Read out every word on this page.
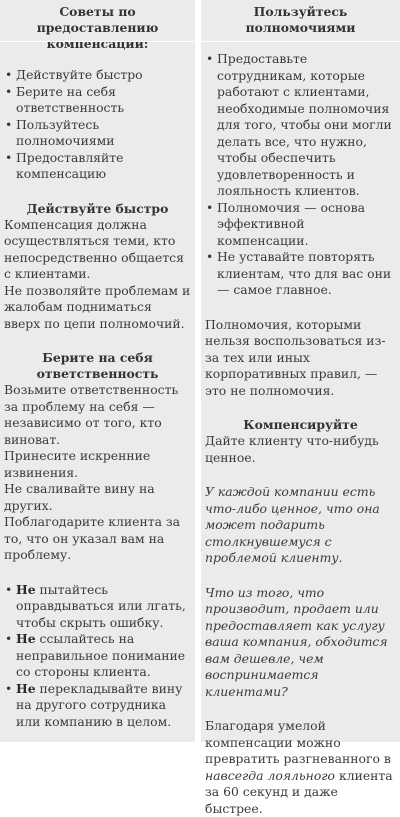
Советы по предоставлению компенсации:
• Действуйте быстро
• Берите на себя ответственность
• Пользуйтесь полномочиями
• Предоставляйте компенсацию
Действуйте быстро

Компенсация должна осуществляться теми, кто непосредственно общается с клиентами.

Не позволяйте проблемам и жалобам подниматься вверх по цепи полномочий.

Берите на себя ответственность

Возьмите ответственность за проблему на себя — независимо от того, кто виноват.

Принесите искренние извинения.

Не сваливайте вину на других.

Поблагодарите клиента за то, что он указал вам на проблему.

• Не пытайтесь оправдываться или лгать, чтобы скрыть ошибку.
• Не ссылайтесь на неправильное понимание со стороны клиента.
• Не перекладывайте вину на другого сотрудника или компанию в целом.
Пользуйтесь полномочиями
• Предоставьте сотрудникам, которые работают с клиентами, необходимые полномочия для того, чтобы они могли делать все, что нужно, чтобы обеспечить удовлетворенность и лояльность клиентов.
• Полномочия — основа эффективной компенсации.
• Не уставайте повторять клиентам, что для вас они — самое главное.

Полномочия, которыми нельзя воспользоваться из-за тех или иных корпоративных правил, — это не полномочия.

Компенсируйте

Дайте клиенту что-нибудь ценное.

У каждой компании есть что-либо ценное, что она может подарить столкнувшемуся с проблемой клиенту.

Что из того, что производит, продает или предоставляет как услугу ваша компания, обходится вам дешевле, чем воспринимается клиентами?

Благодаря умелой компенсации можно превратить разгневанного в навсегда лояльного клиента за 60 секунд и даже быстрее.
